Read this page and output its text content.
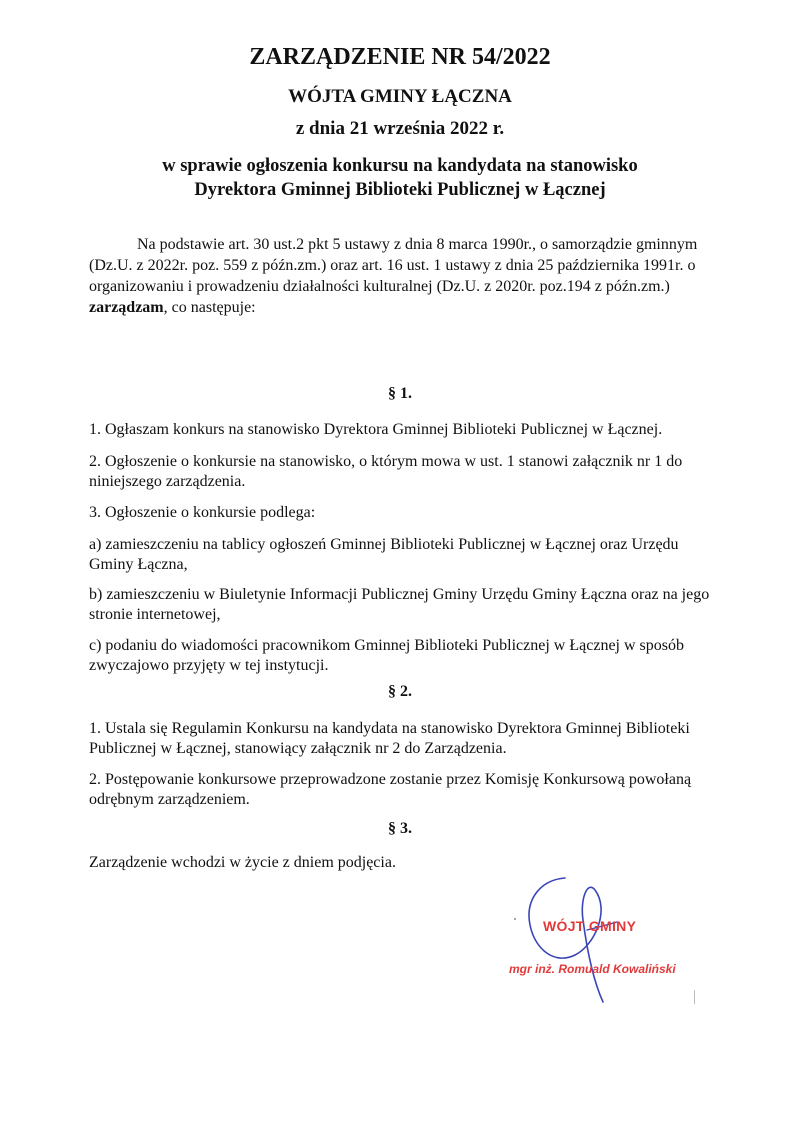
ZARZĄDZENIE NR 54/2022
WÓJTA GMINY ŁĄCZNA
z dnia 21 września 2022 r.
w sprawie ogłoszenia konkursu na kandydata na stanowisko
Dyrektora Gminnej Biblioteki Publicznej w Łącznej
Na podstawie art. 30 ust.2 pkt 5 ustawy z dnia 8 marca 1990r., o samorządzie gminnym (Dz.U. z 2022r. poz. 559 z późn.zm.) oraz art. 16 ust. 1 ustawy z dnia 25 października 1991r. o organizowaniu i prowadzeniu działalności kulturalnej (Dz.U. z 2020r. poz.194 z późn.zm.) zarządzam, co następuje:
§ 1.
1. Ogłaszam konkurs na stanowisko Dyrektora Gminnej Biblioteki Publicznej w Łącznej.
2. Ogłoszenie o konkursie na stanowisko, o którym mowa w ust. 1 stanowi załącznik nr 1 do niniejszego zarządzenia.
3. Ogłoszenie o konkursie podlega:
a) zamieszczeniu na tablicy ogłoszeń Gminnej Biblioteki Publicznej w Łącznej oraz Urzędu Gminy Łączna,
b) zamieszczeniu w Biuletynie Informacji Publicznej Gminy Urzędu Gminy Łączna oraz na jego stronie internetowej,
c) podaniu do wiadomości pracownikom Gminnej Biblioteki Publicznej w Łącznej w sposób zwyczajowo przyjęty w tej instytucji.
§ 2.
1. Ustala się Regulamin Konkursu na kandydata na stanowisko Dyrektora Gminnej Biblioteki Publicznej w Łącznej, stanowiący załącznik nr 2 do Zarządzenia.
2. Postępowanie konkursowe przeprowadzone zostanie przez Komisję Konkursową powołaną odrębnym zarządzeniem.
§ 3.
Zarządzenie wchodzi w życie z dniem podjęcia.
WÓJT GMINY
mgr inż. Romuald Kowaliński
